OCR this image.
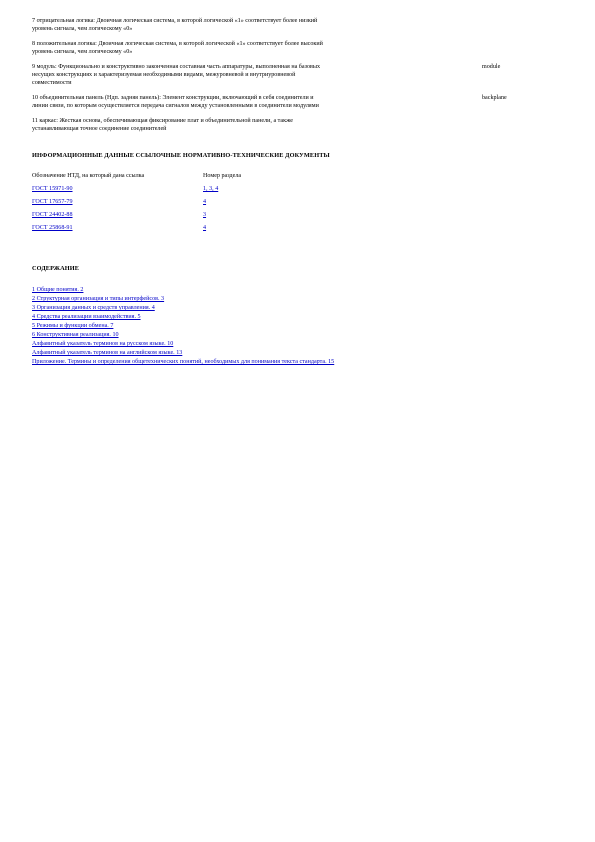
7 отрицательная логика: Двоичная логическая система, в которой логической «1» соответствует более низкий
уровень сигнала, чем логическому «0»
8 положительная логика: Двоичная логическая система, в которой логической «1» соответствует более высокий
уровень сигнала, чем логическому «0»
9 модуль: Функционально и конструктивно законченная составная часть аппаратуры, выполненная на базовых
несущих конструкциях и характеризуемая необходимыми видами, межуровневой и внутриуровневой
совместимости
module
10 объединительная панель (Ндп. задняя панель): Элемент конструкции, включающий в себя соединители и
линии связи, по которым осуществляется передача сигналов между установленными в соединители модулями
backplane
11 каркас: Жесткая основа, обеспечивающая фиксирование плат и объединительной панели, а также
устанавливающая точное соединение соединителей
ИНФОРМАЦИОННЫЕ ДАННЫЕ ССЫЛОЧНЫЕ НОРМАТИВНО-ТЕХНИЧЕСКИЕ ДОКУМЕНТЫ
Обозначение НТД, на который дана ссылка	Номер раздела
ГОСТ 15971-90	1, 3, 4
ГОСТ 17657-79	4
ГОСТ 24402-88	3
ГОСТ 25868-91	4
СОДЕРЖАНИЕ
1 Общие понятия. 2
2 Структурная организация и типы интерфейсов. 3
3 Организация данных и средств управления. 4
4 Средства реализации взаимодействия. 5
5 Режимы и функции обмена. 7
6 Конструктивная реализация. 10
Алфавитный указатель терминов на русском языке. 10
Алфавитный указатель терминов на английском языке. 13
Приложение. Термины и определения общетехнических понятий, необходимых для понимания текста стандарта. 15
